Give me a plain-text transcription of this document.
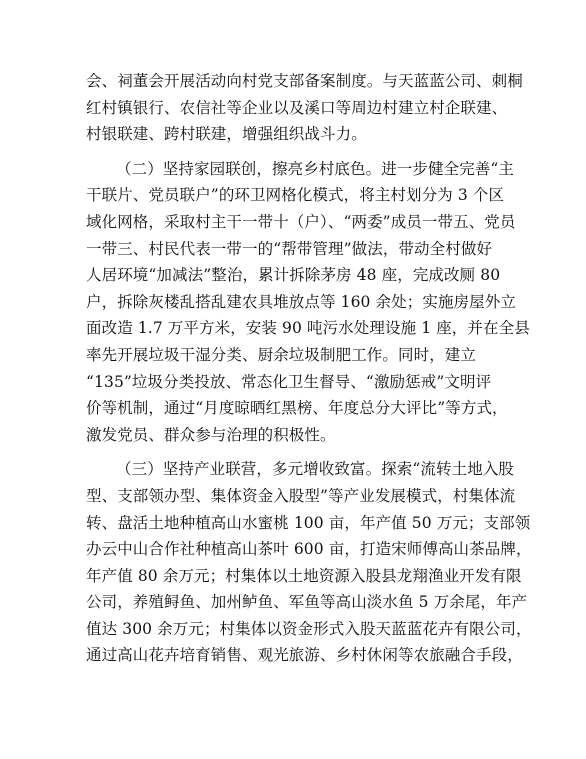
会、祠董会开展活动向村党支部备案制度。与天蓝蓝公司、刺桐
红村镇银行、农信社等企业以及溪口等周边村建立村企联建、
村银联建、跨村联建，增强组织战斗力。
（二）坚持家园联创，擦亮乡村底色。进一步健全完善“主
干联片、党员联户”的环卫网格化模式，将主村划分为 3 个区
域化网格，采取村主干一带十（户）、“两委”成员一带五、党员
一带三、村民代表一带一的“帮带管理”做法，带动全村做好
人居环境“加减法”整治，累计拆除茅房 48 座，完成改厕 80
户，拆除灰楼乱搭乱建农具堆放点等 160 余处；实施房屋外立
面改造 1.7 万平方米，安装 90 吨污水处理设施 1 座，并在全县
率先开展垃圾干湿分类、厨余垃圾制肥工作。同时，建立
“135”垃圾分类投放、常态化卫生督导、“激励惩戒”文明评
价等机制，通过“月度晾晒红黑榜、年度总分大评比”等方式，
激发党员、群众参与治理的积极性。
（三）坚持产业联营，多元增收致富。探索“流转土地入股
型、支部领办型、集体资金入股型”等产业发展模式，村集体流
转、盘活土地种植高山水蜜桃 100 亩，年产值 50 万元；支部领
办云中山合作社种植高山茶叶 600 亩，打造宋师傅高山茶品牌，
年产值 80 余万元；村集体以土地资源入股县龙翔渔业开发有限
公司，养殖鲟鱼、加州鲈鱼、军鱼等高山淡水鱼 5 万余尾，年产
值达 300 余万元；村集体以资金形式入股天蓝蓝花卉有限公司，
通过高山花卉培育销售、观光旅游、乡村休闲等农旅融合手段，
